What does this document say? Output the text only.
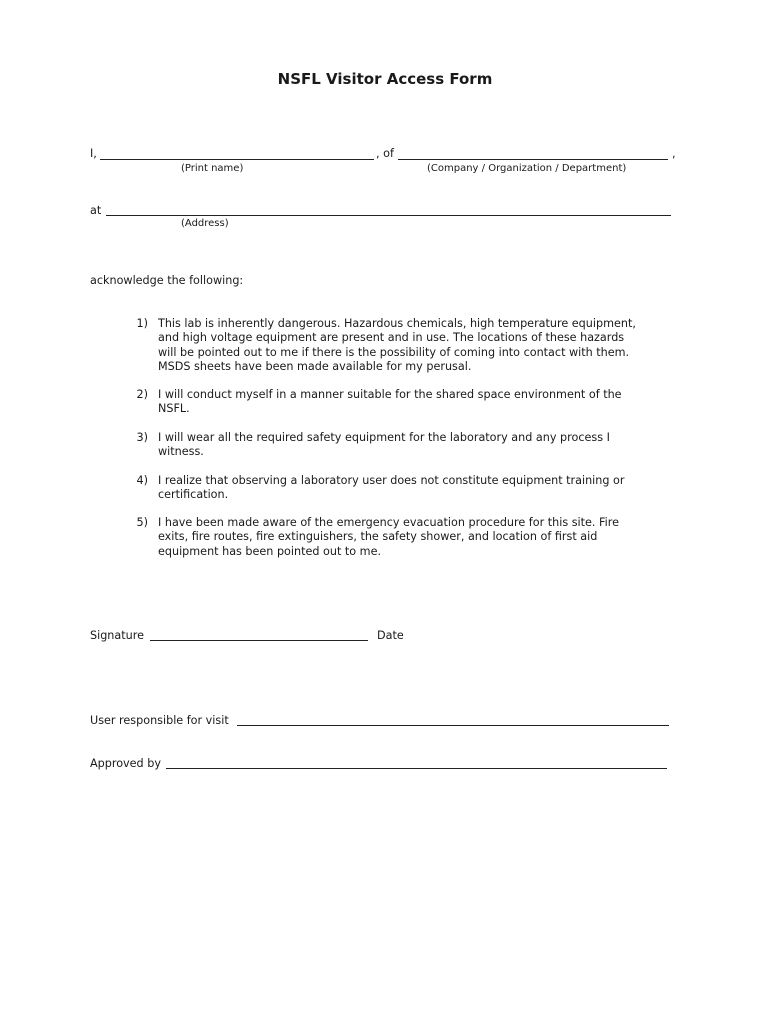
NSFL Visitor Access Form
I,	, of	,
(Print name)	(Company / Organization / Department)
at
(Address)
acknowledge the following:
1) This lab is inherently dangerous. Hazardous chemicals, high temperature equipment, and high voltage equipment are present and in use. The locations of these hazards will be pointed out to me if there is the possibility of coming into contact with them. MSDS sheets have been made available for my perusal.
2) I will conduct myself in a manner suitable for the shared space environment of the NSFL.
3) I will wear all the required safety equipment for the laboratory and any process I witness.
4) I realize that observing a laboratory user does not constitute equipment training or certification.
5) I have been made aware of the emergency evacuation procedure for this site. Fire exits, fire routes, fire extinguishers, the safety shower, and location of first aid equipment has been pointed out to me.
Signature	Date
User responsible for visit
Approved by
